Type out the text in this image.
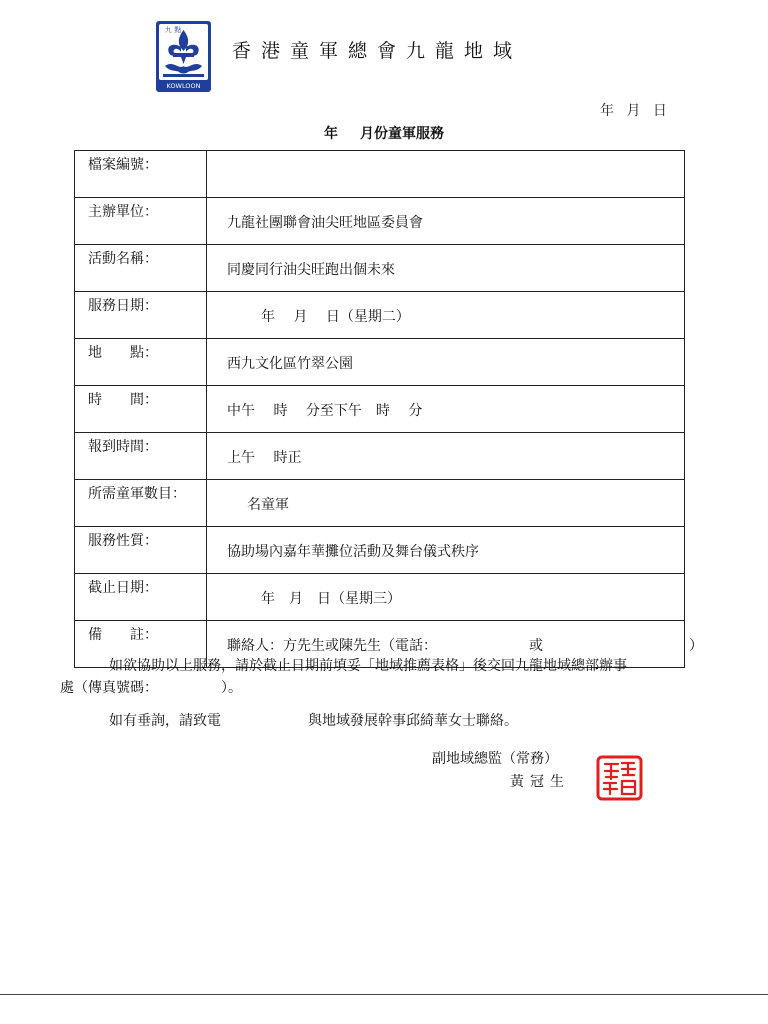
九 點
KOWLOON
香港童軍總會九龍地域
年 月 日
年 月份童軍服務
檔案編號：	

主辦單位：	九龍社團聯會油尖旺地區委員會

活動名稱：	同慶同行油尖旺跑出個未來

服務日期：	年　 月　 日（星期二）

地　　點：	西九文化區竹翠公園

時　　間：	中午　 時　 分至下午　時　 分

報到時間：	上午　 時正

所需童軍數目：	名童軍

服務性質：	協助場內嘉年華攤位活動及舞台儀式秩序

截止日期：	年　月　日（星期三）

備　　註：	聯絡人：方先生或陳先生（電話： 或 ）
如欲協助以上服務，請於截止日期前填妥「地域推薦表格」後交回九龍地域總部辦事
處（傳真號碼：　　　　　）。
如有垂詢，請致電	與地域發展幹事邱綺華女士聯絡。
副地域總監（常務）
黃冠生
